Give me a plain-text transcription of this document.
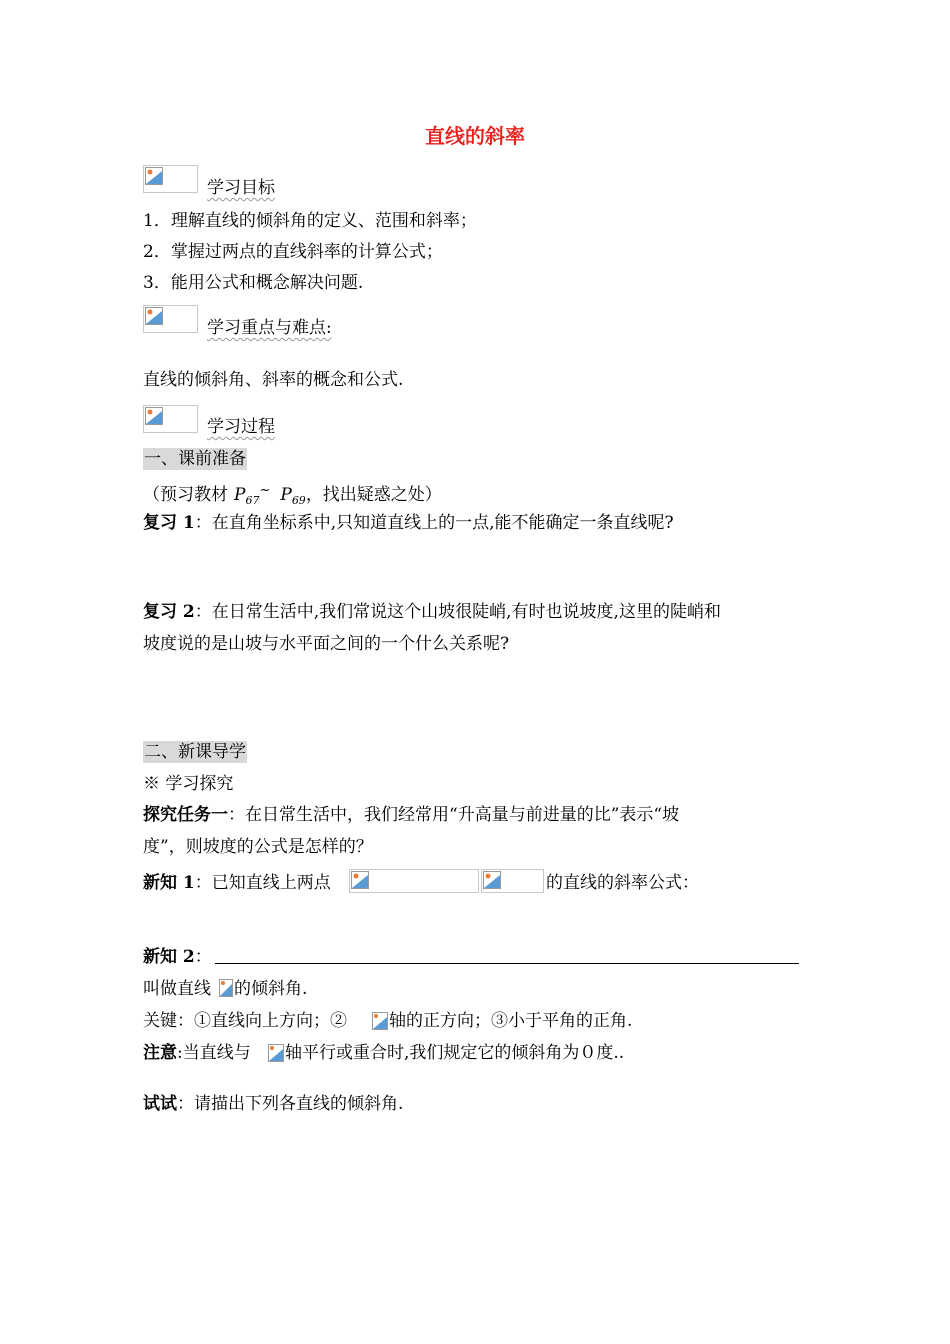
直线的斜率
学习目标
1．理解直线的倾斜角的定义、范围和斜率；
2．掌握过两点的直线斜率的计算公式；
3．能用公式和概念解决问题.
学习重点与难点:
直线的倾斜角、斜率的概念和公式.
学习过程
一、课前准备
（预习教材 $P_{67}\sim$ $P_{69}$，找出疑惑之处）
复习 1：在直角坐标系中,只知道直线上的一点,能不能确定一条直线呢?
复习 2：在日常生活中,我们常说这个山坡很陡峭,有时也说坡度,这里的陡峭和
坡度说的是山坡与水平面之间的一个什么关系呢?
二、新课导学
※ 学习探究
探究任务一：在日常生活中，我们经常用“升高量与前进量的比”表示“坡
度”，则坡度的公式是怎样的？
新知 1：已知直线上两点	的直线的斜率公式：
新知 2：
叫做直线 的倾斜角.
关键：①直线向上方向；② 轴的正方向；③小于平角的正角.
注意:当直线与 轴平行或重合时,我们规定它的倾斜角为０度..
试试：请描出下列各直线的倾斜角.
